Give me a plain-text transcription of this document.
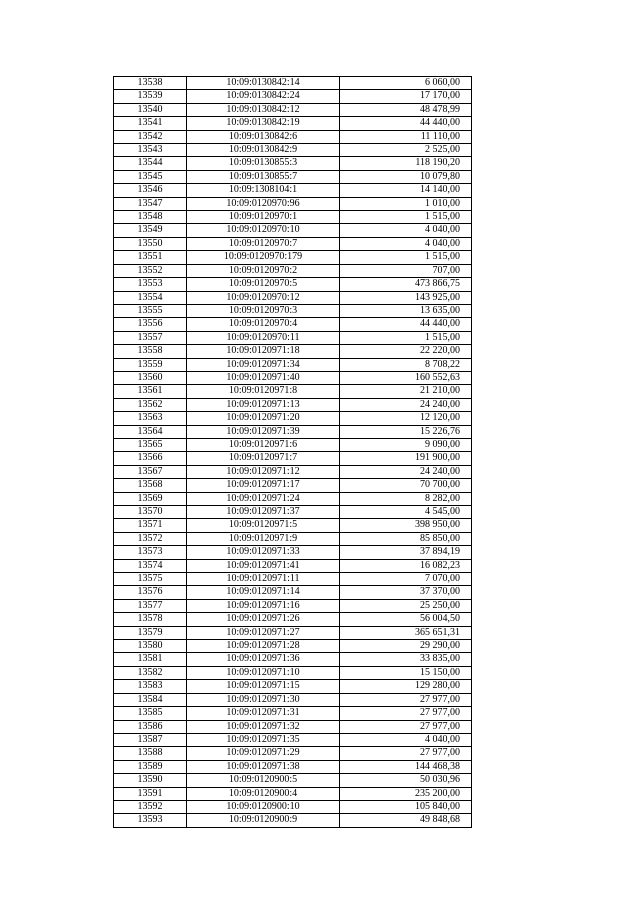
13538	10:09:0130842:14	6 060,00
13539	10:09:0130842:24	17 170,00
13540	10:09:0130842:12	48 478,99
13541	10:09:0130842:19	44 440,00
13542	10:09:0130842:6	11 110,00
13543	10:09:0130842:9	2 525,00
13544	10:09:0130855:3	118 190,20
13545	10:09:0130855:7	10 079,80
13546	10:09:1308104:1	14 140,00
13547	10:09:0120970:96	1 010,00
13548	10:09:0120970:1	1 515,00
13549	10:09:0120970:10	4 040,00
13550	10:09:0120970:7	4 040,00
13551	10:09:0120970:179	1 515,00
13552	10:09:0120970:2	707,00
13553	10:09:0120970:5	473 866,75
13554	10:09:0120970:12	143 925,00
13555	10:09:0120970:3	13 635,00
13556	10:09:0120970:4	44 440,00
13557	10:09:0120970:11	1 515,00
13558	10:09:0120971:18	22 220,00
13559	10:09:0120971:34	8 708,22
13560	10:09:0120971:40	160 552,63
13561	10:09:0120971:8	21 210,00
13562	10:09:0120971:13	24 240,00
13563	10:09:0120971:20	12 120,00
13564	10:09:0120971:39	15 226,76
13565	10:09:0120971:6	9 090,00
13566	10:09:0120971:7	191 900,00
13567	10:09:0120971:12	24 240,00
13568	10:09:0120971:17	70 700,00
13569	10:09:0120971:24	8 282,00
13570	10:09:0120971:37	4 545,00
13571	10:09:0120971:5	398 950,00
13572	10:09:0120971:9	85 850,00
13573	10:09:0120971:33	37 894,19
13574	10:09:0120971:41	16 082,23
13575	10:09:0120971:11	7 070,00
13576	10:09:0120971:14	37 370,00
13577	10:09:0120971:16	25 250,00
13578	10:09:0120971:26	56 004,50
13579	10:09:0120971:27	365 651,31
13580	10:09:0120971:28	29 290,00
13581	10:09:0120971:36	33 835,00
13582	10:09:0120971:10	15 150,00
13583	10:09:0120971:15	129 280,00
13584	10:09:0120971:30	27 977,00
13585	10:09:0120971:31	27 977,00
13586	10:09:0120971:32	27 977,00
13587	10:09:0120971:35	4 040,00
13588	10:09:0120971:29	27 977,00
13589	10:09:0120971:38	144 468,38
13590	10:09:0120900:5	50 030,96
13591	10:09:0120900:4	235 200,00
13592	10:09:0120900:10	105 840,00
13593	10:09:0120900:9	49 848,68
